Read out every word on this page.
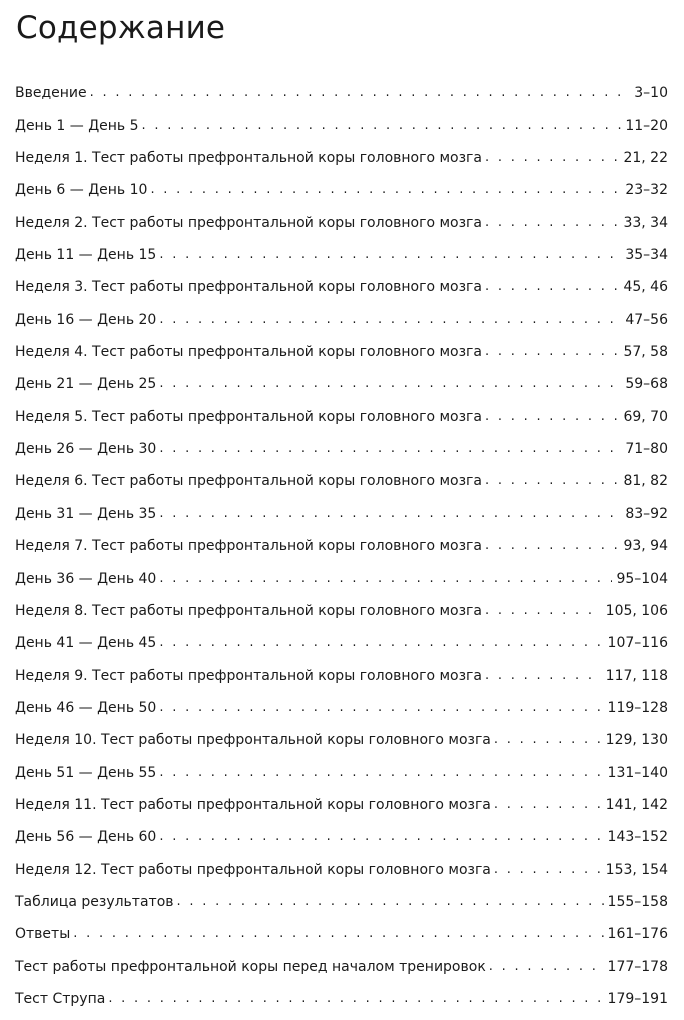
Содержание
Введение . . .	3–10
День 1 — День 5 . . .	11–20
Неделя 1. Тест работы префронтальной коры головного мозга . . .	21, 22
День 6 — День 10 . . .	23–32
Неделя 2. Тест работы префронтальной коры головного мозга . . .	33, 34
День 11 — День 15 . . .	35–34
Неделя 3. Тест работы префронтальной коры головного мозга . . .	45, 46
День 16 — День 20 . . .	47–56
Неделя 4. Тест работы префронтальной коры головного мозга . . .	57, 58
День 21 — День 25 . . .	59–68
Неделя 5. Тест работы префронтальной коры головного мозга . . .	69, 70
День 26 — День 30 . . .	71–80
Неделя 6. Тест работы префронтальной коры головного мозга . . .	81, 82
День 31 — День 35 . . .	83–92
Неделя 7. Тест работы префронтальной коры головного мозга . . .	93, 94
День 36 — День 40 . . .	95–104
Неделя 8. Тест работы префронтальной коры головного мозга . . .	105, 106
День 41 — День 45 . . .	107–116
Неделя 9. Тест работы префронтальной коры головного мозга . . .	117, 118
День 46 — День 50 . . .	119–128
Неделя 10. Тест работы префронтальной коры головного мозга . . .	129, 130
День 51 — День 55 . . .	131–140
Неделя 11. Тест работы префронтальной коры головного мозга . . .	141, 142
День 56 — День 60 . . .	143–152
Неделя 12. Тест работы префронтальной коры головного мозга . . .	153, 154
Таблица результатов . . .	155–158
Ответы . . .	161–176
Тест работы префронтальной коры перед началом тренировок . . .	177–178
Тест Струпа . . .	179–191
